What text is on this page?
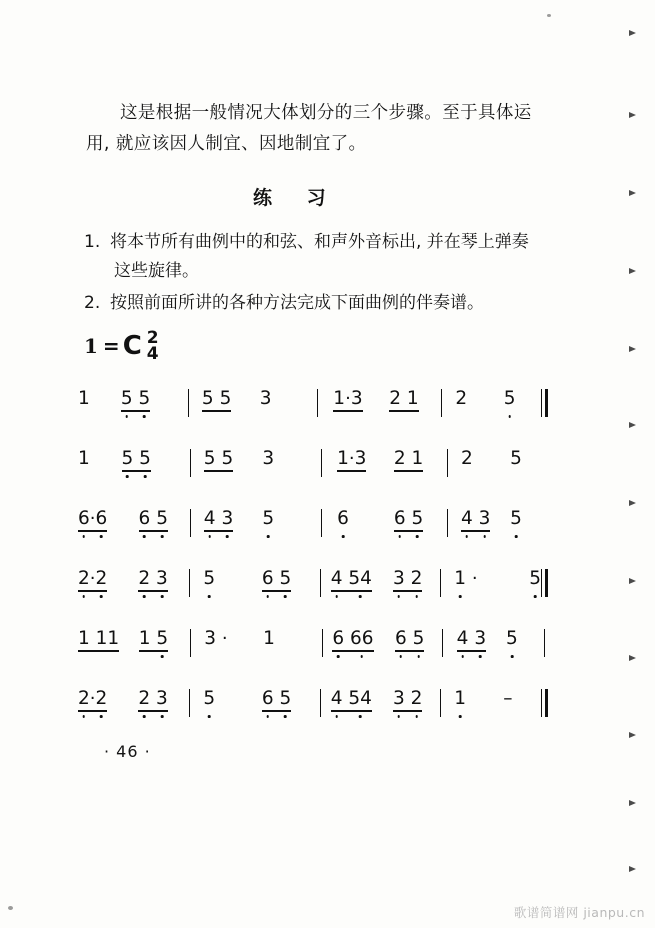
这是根据一般情况大体划分的三个步骤。至于具体运用, 就应该因人制宜、因地制宜了。
练 习
1. 将本节所有曲例中的和弦、和声外音标出, 并在琴上弹奏
这些旋律。
2. 按照前面所讲的各种方法完成下面曲例的伴奏谱。
1 = C 2
4
1 5 5	5 5 3	1·3 2 1 2 5
1 5 5	5 5 3	1·3 2 1 2 5
6
·6 6 5 4 3 5	6 6 5 4 3 5
2
·2 2 3 5	6 5 4 54 3 2 1 ·	5
1 11 1 5 3 · 1	6 66 6 5 4 3 5
2
·2 2 3 5	6 5 4 54 3 2 1 –
· 46 ·
歌谱简谱网 jianpu.cn
